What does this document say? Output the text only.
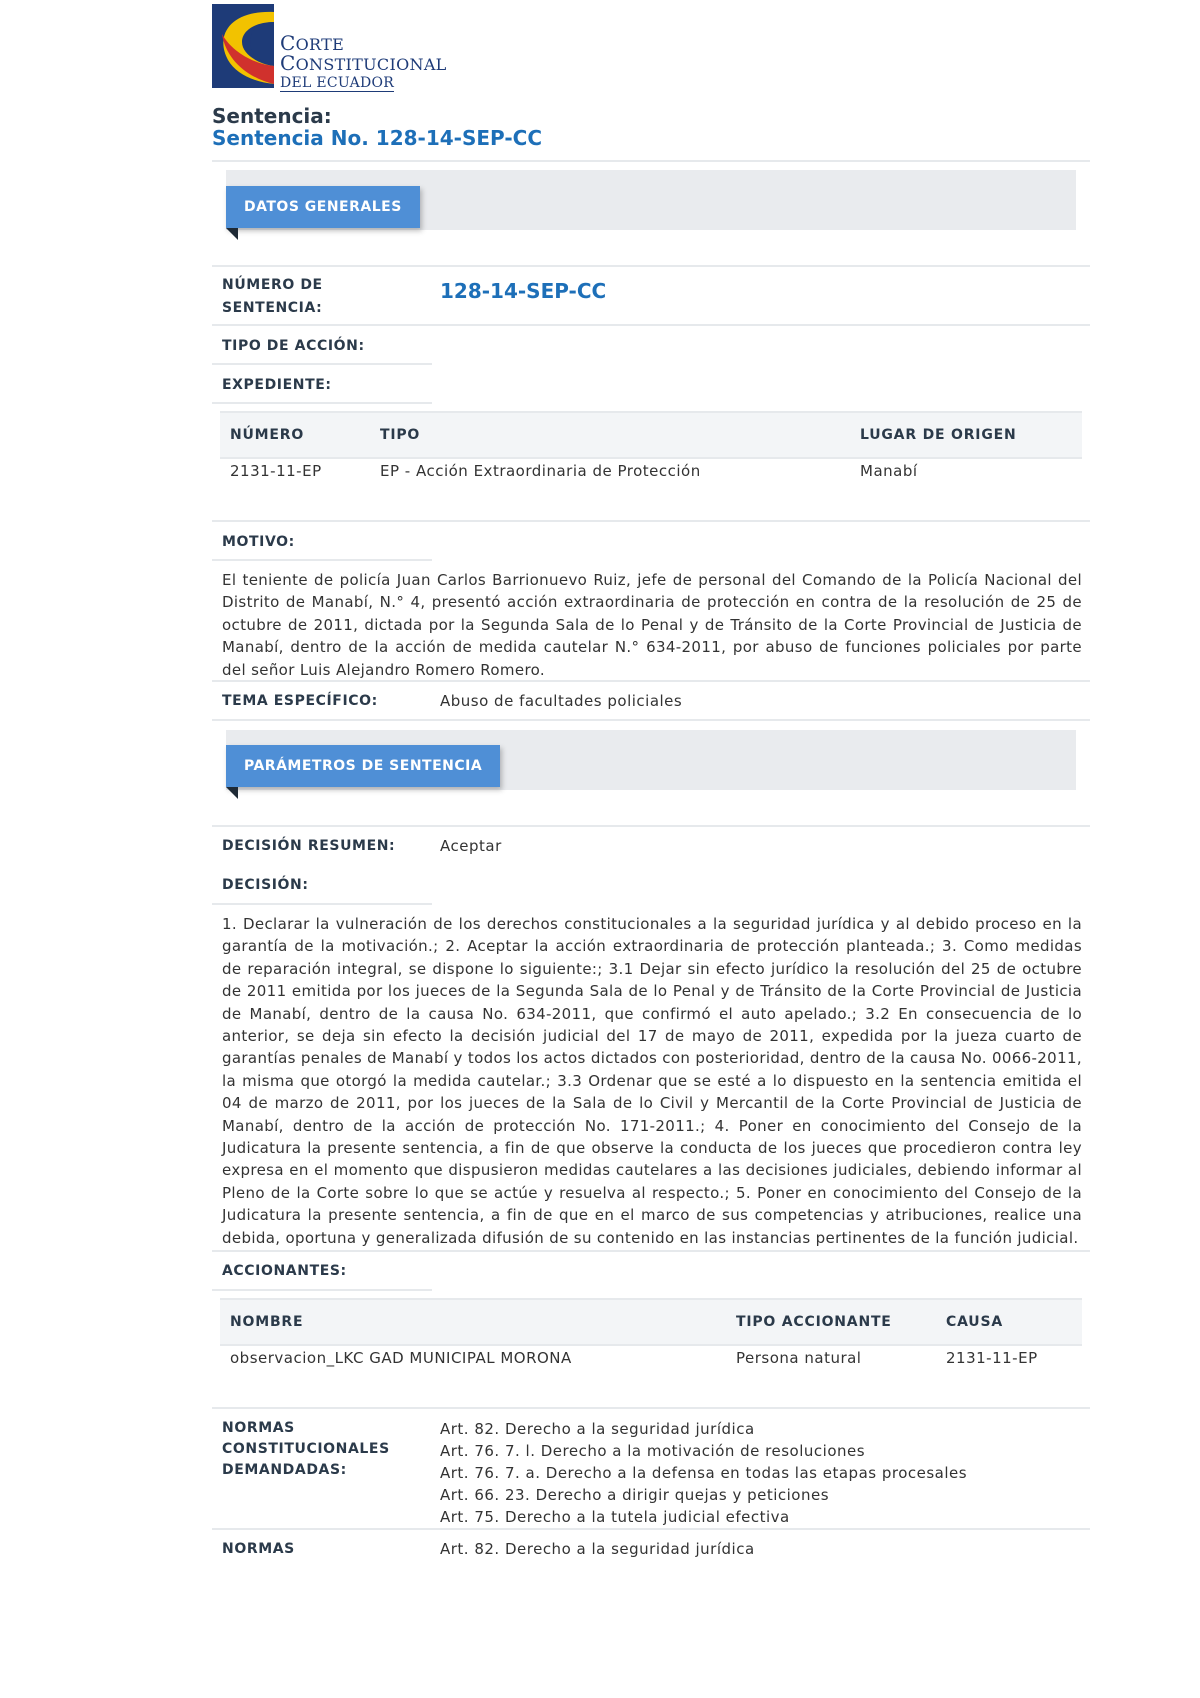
CORTE
CONSTITUCIONAL
DEL ECUADOR
Sentencia:
Sentencia No. 128-14-SEP-CC
DATOS GENERALES
NÚMERO DE SENTENCIA:
128-14-SEP-CC
TIPO DE ACCIÓN:
EXPEDIENTE:
NÚMERO	TIPO	LUGAR DE ORIGEN
2131-11-EP	EP - Acción Extraordinaria de Protección	Manabí
MOTIVO:
El teniente de policía Juan Carlos Barrionuevo Ruiz, jefe de personal del Comando de la Policía Nacional del Distrito de Manabí, N.° 4, presentó acción extraordinaria de protección en contra de la resolución de 25 de octubre de 2011, dictada por la Segunda Sala de lo Penal y de Tránsito de la Corte Provincial de Justicia de Manabí, dentro de la acción de medida cautelar N.° 634-2011, por abuso de funciones policiales por parte del señor Luis Alejandro Romero Romero.
TEMA ESPECÍFICO:	Abuso de facultades policiales
PARÁMETROS DE SENTENCIA
DECISIÓN RESUMEN:	Aceptar
DECISIÓN:
1. Declarar la vulneración de los derechos constitucionales a la seguridad jurídica y al debido proceso en la garantía de la motivación.; 2. Aceptar la acción extraordinaria de protección planteada.; 3. Como medidas de reparación integral, se dispone lo siguiente:; 3.1 Dejar sin efecto jurídico la resolución del 25 de octubre de 2011 emitida por los jueces de la Segunda Sala de lo Penal y de Tránsito de la Corte Provincial de Justicia de Manabí, dentro de la causa No. 634-2011, que confirmó el auto apelado.; 3.2 En consecuencia de lo anterior, se deja sin efecto la decisión judicial del 17 de mayo de 2011, expedida por la jueza cuarto de garantías penales de Manabí y todos los actos dictados con posterioridad, dentro de la causa No. 0066-2011, la misma que otorgó la medida cautelar.; 3.3 Ordenar que se esté a lo dispuesto en la sentencia emitida el 04 de marzo de 2011, por los jueces de la Sala de lo Civil y Mercantil de la Corte Provincial de Justicia de Manabí, dentro de la acción de protección No. 171-2011.; 4. Poner en conocimiento del Consejo de la Judicatura la presente sentencia, a fin de que observe la conducta de los jueces que procedieron contra ley expresa en el momento que dispusieron medidas cautelares a las decisiones judiciales, debiendo informar al Pleno de la Corte sobre lo que se actúe y resuelva al respecto.; 5. Poner en conocimiento del Consejo de la Judicatura la presente sentencia, a fin de que en el marco de sus competencias y atribuciones, realice una debida, oportuna y generalizada difusión de su contenido en las instancias pertinentes de la función judicial.
ACCIONANTES:
NOMBRE	TIPO ACCIONANTE	CAUSA
observacion_LKC GAD MUNICIPAL MORONA	Persona natural	2131-11-EP
NORMAS CONSTITUCIONALES DEMANDADAS:
Art. 82. Derecho a la seguridad jurídica
Art. 76. 7. l. Derecho a la motivación de resoluciones
Art. 76. 7. a. Derecho a la defensa en todas las etapas procesales
Art. 66. 23. Derecho a dirigir quejas y peticiones
Art. 75. Derecho a la tutela judicial efectiva
NORMAS	Art. 82. Derecho a la seguridad jurídica
